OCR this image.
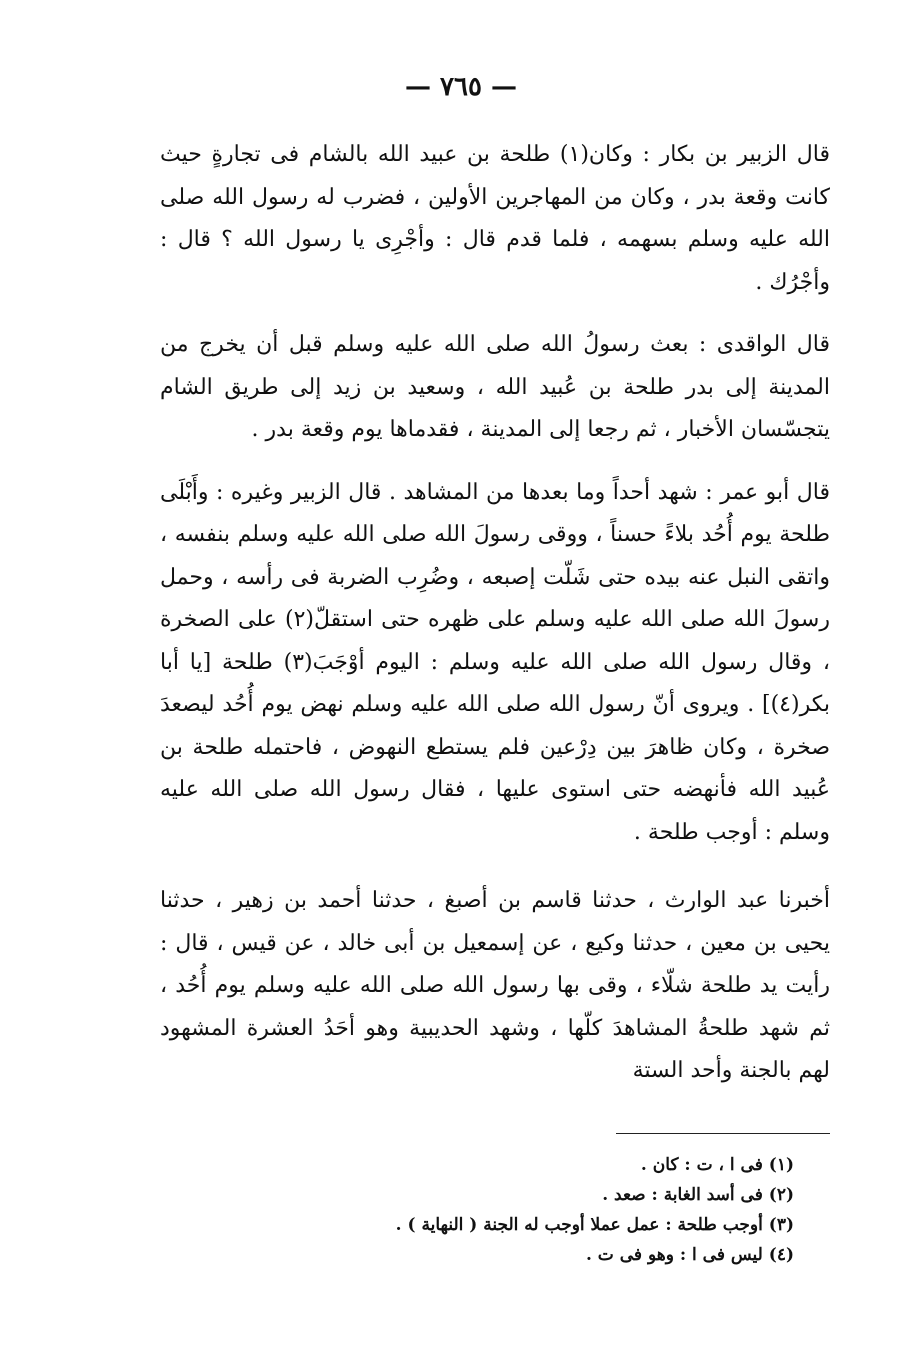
— ٧٦٥ —

قال الزبير بن بكار : وكان(١) طلحة بن عبيد الله بالشام فى تجارةٍ حيث كانت وقعة بدر ، وكان من المهاجرين الأولين ، فضرب له رسول الله صلى الله عليه وسلم بسهمه ، فلما قدم قال : وأجْرِى يا رسول الله ؟ قال : وأجْرُك .

قال الواقدى : بعث رسولُ الله صلى الله عليه وسلم قبل أن يخرج من المدينة إلى بدر طلحة بن عُبيد الله ، وسعيد بن زيد إلى طريق الشام يتجسّسان الأخبار ، ثم رجعا إلى المدينة ، فقدماها يوم وقعة بدر .

قال أبو عمر : شهد أحداً وما بعدها من المشاهد . قال الزبير وغيره : وأَبْلَى طلحة يوم أُحُد بلاءً حسناً ، ووقى رسولَ الله صلى الله عليه وسلم بنفسه ، واتقى النبل عنه بيده حتى شَلّت إصبعه ، وضُرِب الضربة فى رأسه ، وحمل رسولَ الله صلى الله عليه وسلم على ظهره حتى استقلّ(٢) على الصخرة ، وقال رسول الله صلى الله عليه وسلم : اليوم أوْجَبَ(٣) طلحة [يا أبا بكر(٤)] . ويروى أنّ رسول الله صلى الله عليه وسلم نهض يوم أُحُد ليصعدَ صخرة ، وكان ظاهرَ بين دِرْعين فلم يستطع النهوض ، فاحتمله طلحة بن عُبيد الله فأنهضه حتى استوى عليها ، فقال رسول الله صلى الله عليه وسلم : أوجب طلحة .

أخبرنا عبد الوارث ، حدثنا قاسم بن أصبغ ، حدثنا أحمد بن زهير ، حدثنا يحيى بن معين ، حدثنا وكيع ، عن إسمعيل بن أبى خالد ، عن قيس ، قال : رأيت يد طلحة شلّاء ، وقى بها رسول الله صلى الله عليه وسلم يوم أُحُد ، ثم شهد طلحةُ المشاهدَ كلّها ، وشهد الحديبية وهو أحَدُ العشرة المشهود لهم بالجنة وأحد الستة

(١) فى ا ، ت : كان .

(٢) فى أسد الغابة : صعد .

(٣) أوجب طلحة : عمل عملا أوجب له الجنة ( النهاية ) .

(٤) ليس فى ا : وهو فى ت .
